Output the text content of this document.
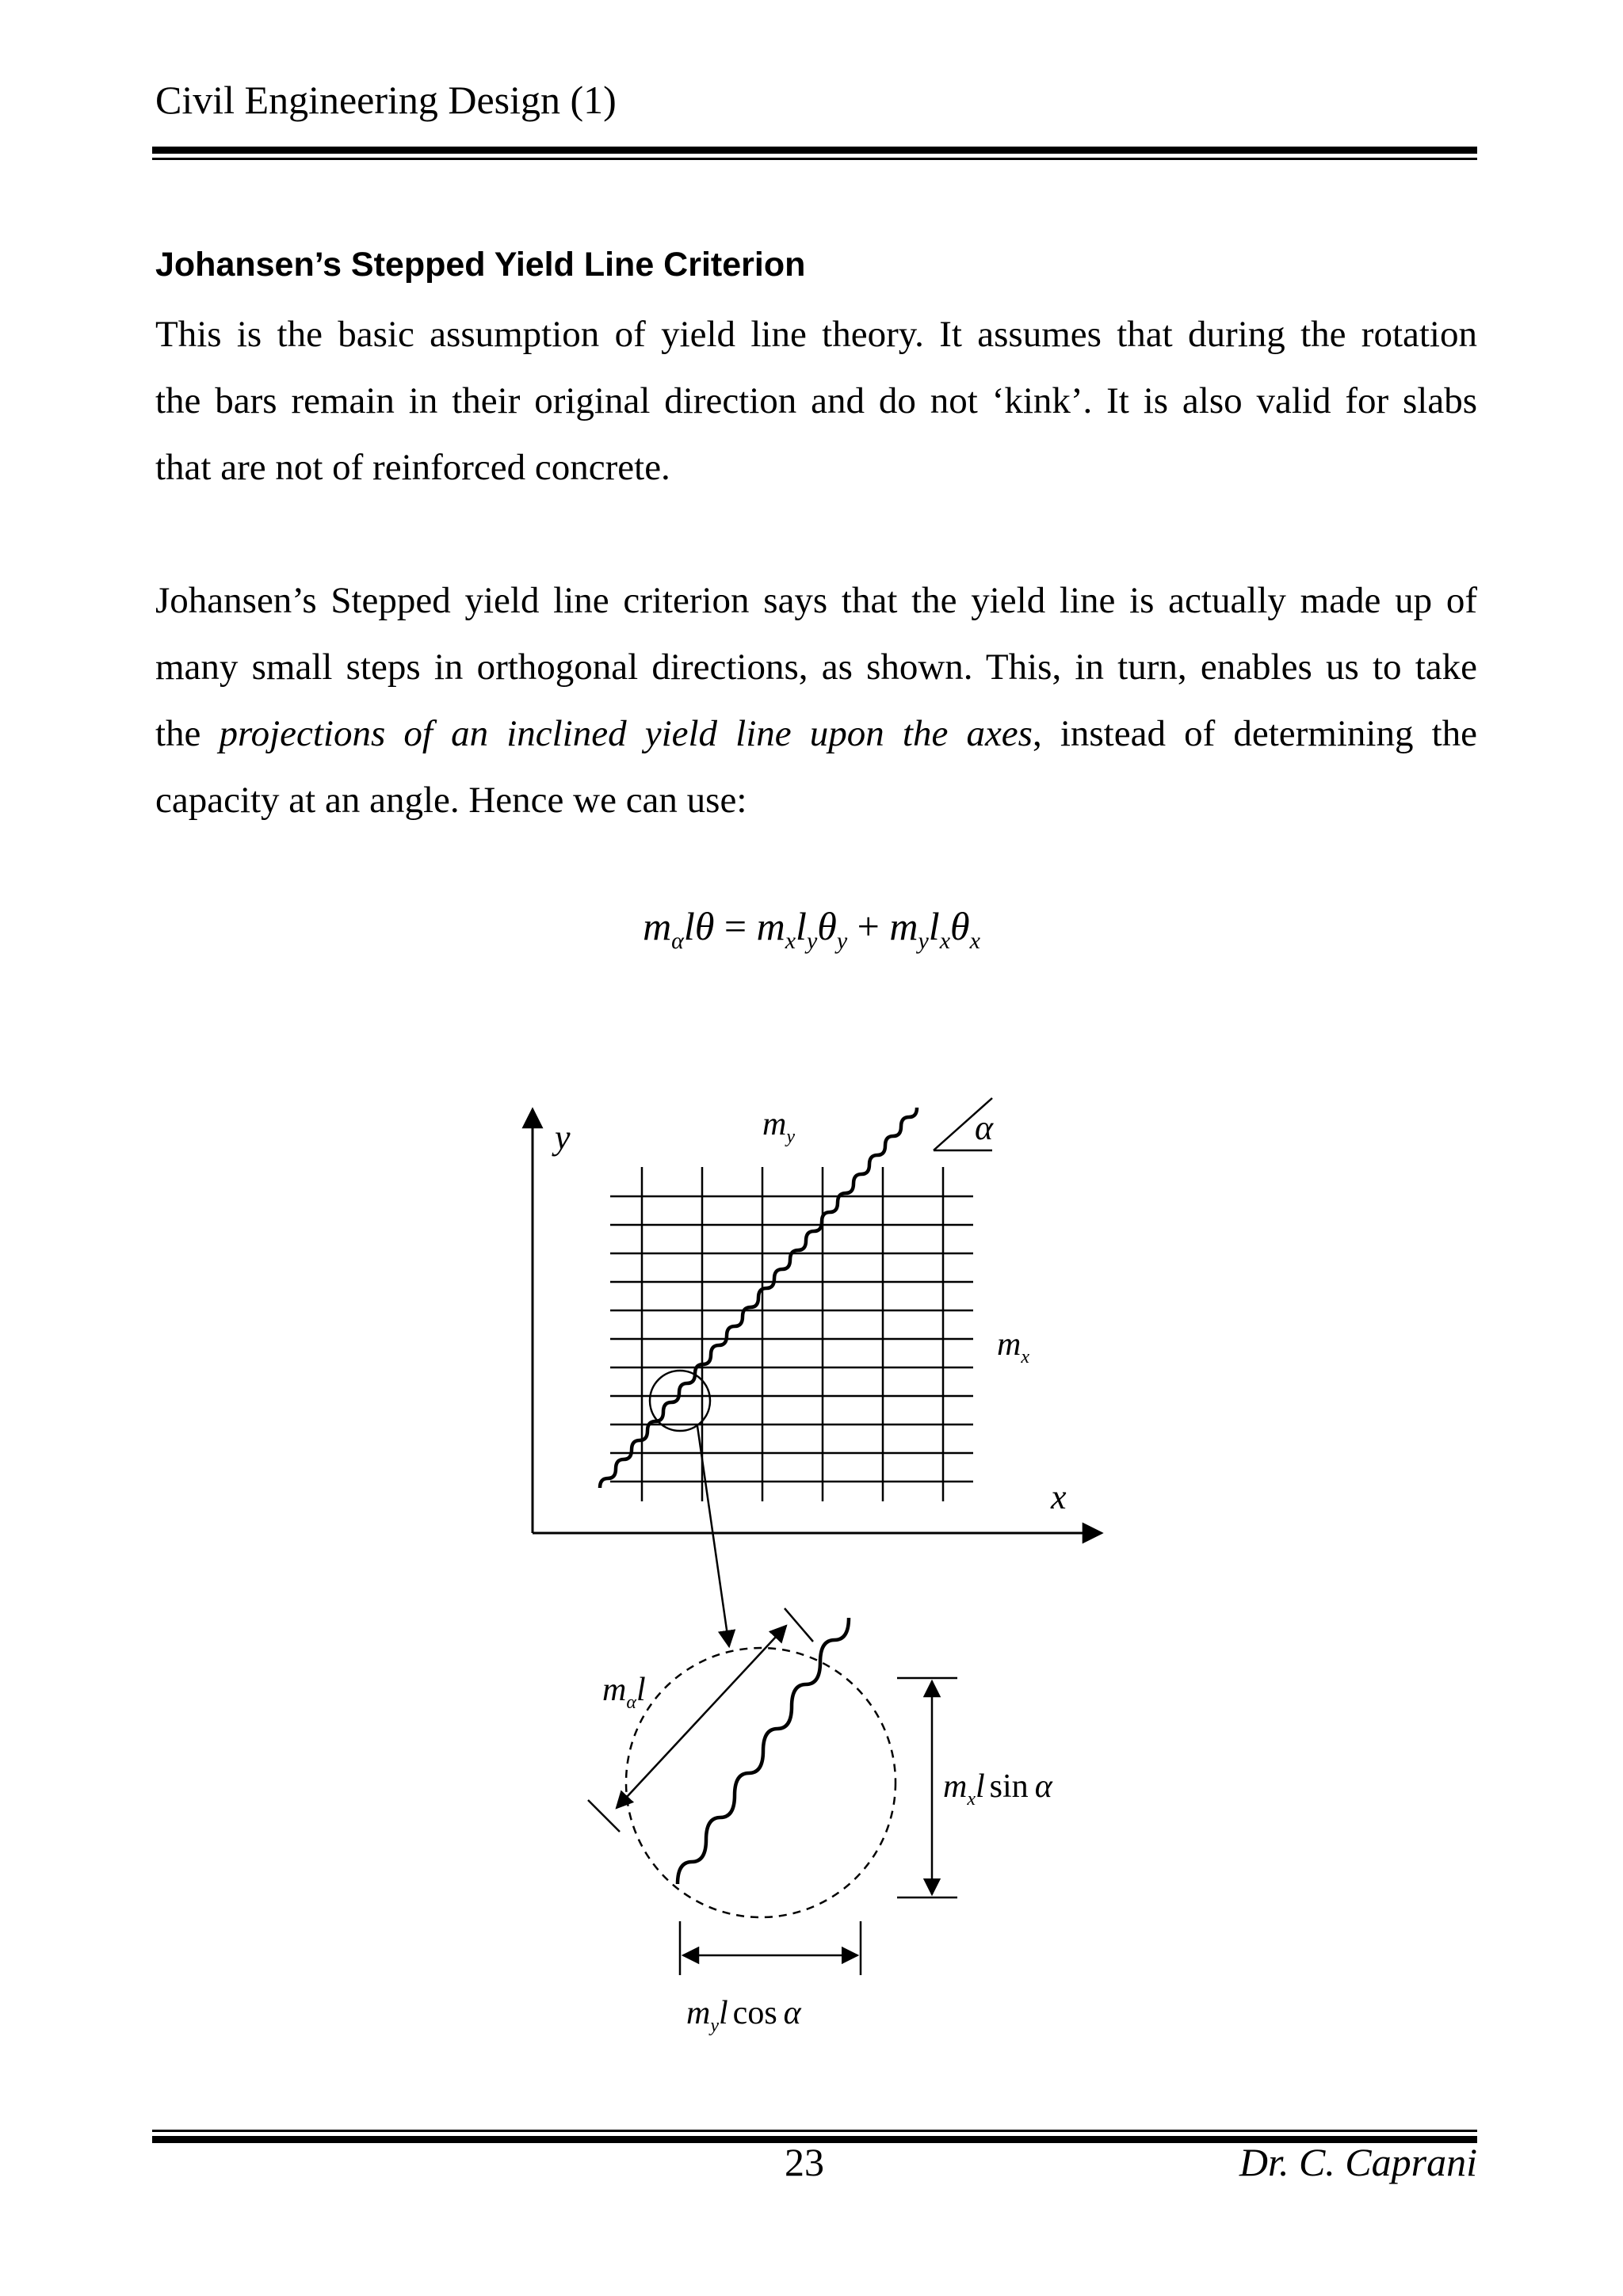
Civil Engineering Design (1)
Johansen’s Stepped Yield Line Criterion
This is the basic assumption of yield line theory. It assumes that during the rotation
the bars remain in their original direction and do not ‘kink’. It is also valid for slabs
that are not of reinforced concrete.
Johansen’s Stepped yield line criterion says that the yield line is actually made up of
many small steps in orthogonal directions, as shown. This, in turn, enables us to take
the projections of an inclined yield line upon the axes, instead of determining the
capacity at an angle. Hence we can use:
$m_\alpha l\theta = m_xl_y\theta_y + m_yl_x\theta_x$
y
x
α
$m_y$
$m_x$
$m_\alpha l$
$m_xl$ sin α
$m_yl$ cos α
23	Dr. C. Caprani
